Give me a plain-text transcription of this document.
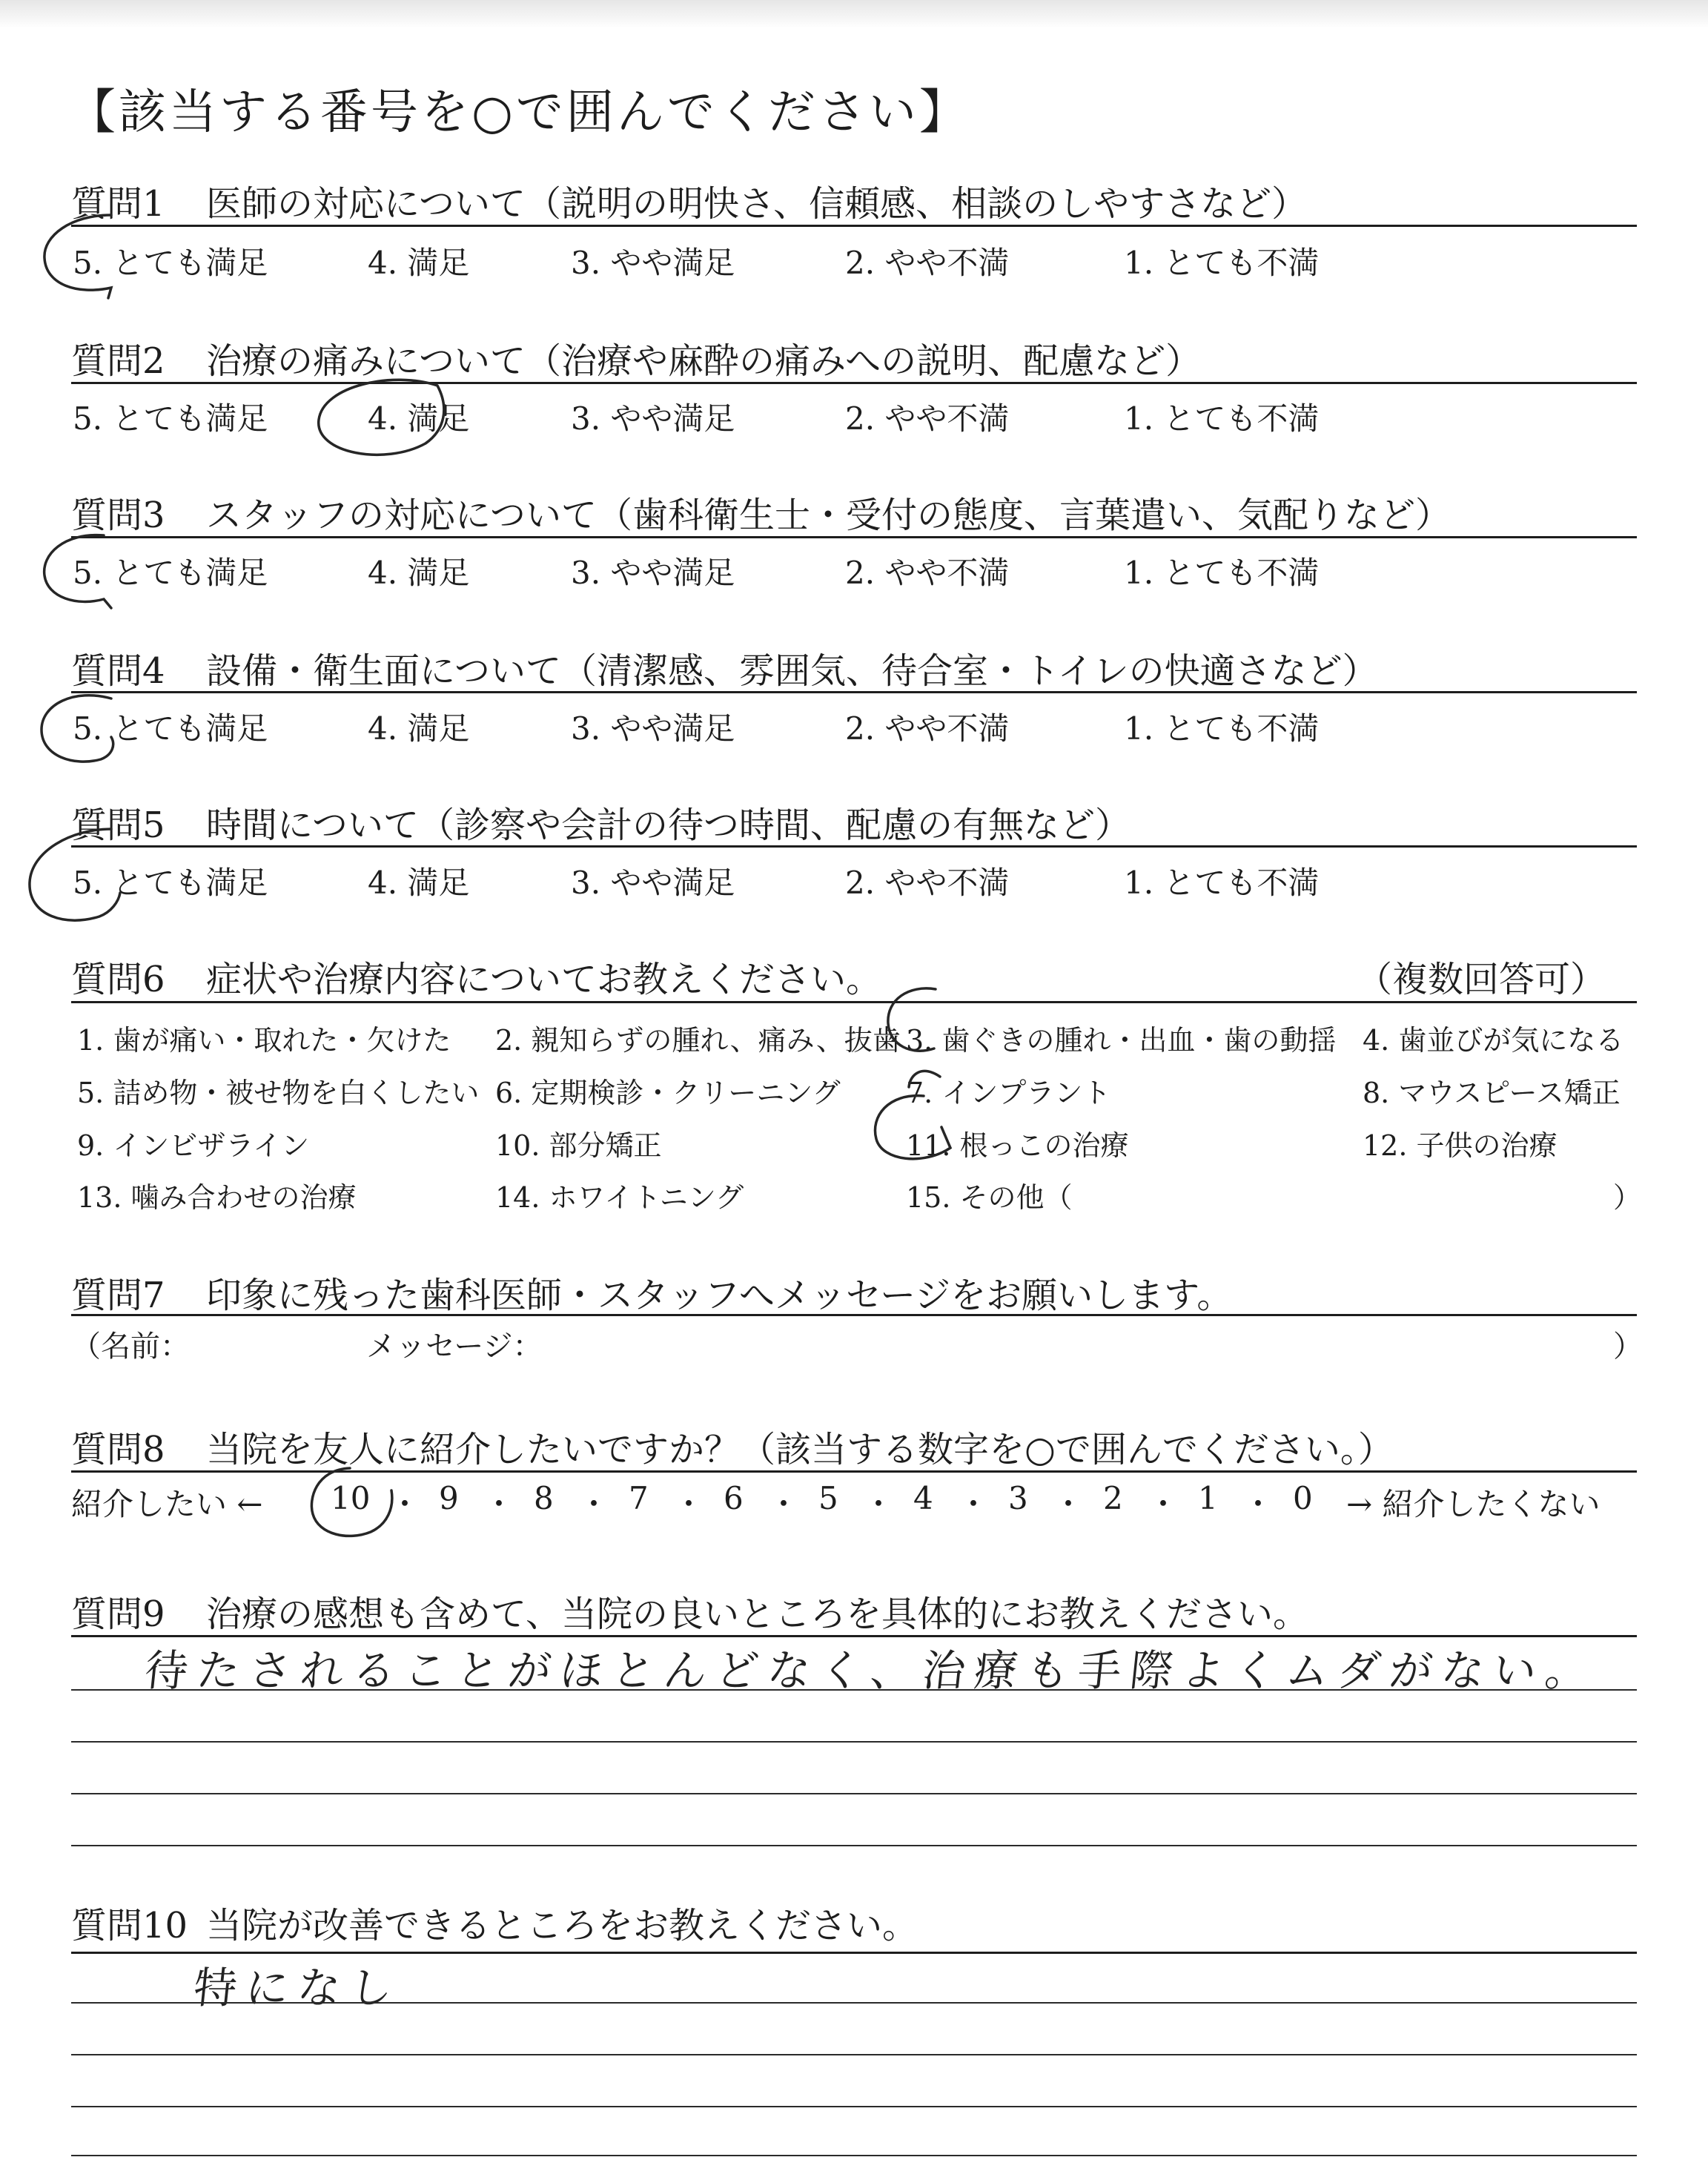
【該当する番号を○で囲んでください】
質問1 医師の対応について（説明の明快さ、信頼感、相談のしやすさなど）
5. とても満足	4. 満足	3. やや満足	2. やや不満	1. とても不満
質問2 治療の痛みについて（治療や麻酔の痛みへの説明、配慮など）
5. とても満足	4. 満足	3. やや満足	2. やや不満	1. とても不満
質問3 スタッフの対応について（歯科衛生士・受付の態度、言葉遣い、気配りなど）
5. とても満足	4. 満足	3. やや満足	2. やや不満	1. とても不満
質問4 設備・衛生面について（清潔感、雰囲気、待合室・トイレの快適さなど）
5. とても満足	4. 満足	3. やや満足	2. やや不満	1. とても不満
質問5 時間について（診察や会計の待つ時間、配慮の有無など）
5. とても満足	4. 満足	3. やや満足	2. やや不満	1. とても不満
質問6 症状や治療内容についてお教えください。	（複数回答可）
1. 歯が痛い・取れた・欠けた 2. 親知らずの腫れ、痛み、抜歯 3. 歯ぐきの腫れ・出血・歯の動揺 4. 歯並びが気になる
5. 詰め物・被せ物を白くしたい 6. 定期検診・クリーニング 7. インプラント	8. マウスピース矯正
9. インビザライン	10. 部分矯正	11. 根っこの治療	12. 子供の治療
13. 噛み合わせの治療	14. ホワイトニング	15. その他（	）
質問7 印象に残った歯科医師・スタッフへメッセージをお願いします。
（名前：	メッセージ：	）
質問8 当院を友人に紹介したいですか？（該当する数字を○で囲んでください。）
紹介したい ← 10 ・ 9 ・ 8 ・ 7 ・ 6 ・ 5 ・ 4 ・ 3 ・ 2 ・ 1 ・ 0 → 紹介したくない
質問9 治療の感想も含めて、当院の良いところを具体的にお教えください。
待たされることがほとんどなく、治療も手際よくムダがない。
質問10 当院が改善できるところをお教えください。
特になし
